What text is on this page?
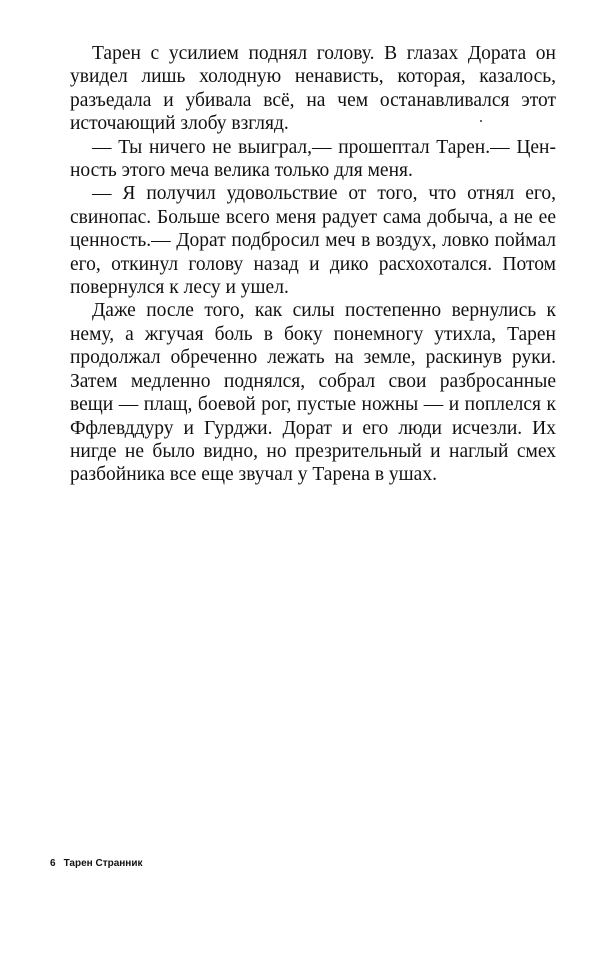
Тарен с усилием поднял голову. В глазах Дората он увидел лишь холодную ненависть, которая, казалось, разъедала и убивала всё, на чем останавливался этот источающий злобу взгляд.

— Ты ничего не выиграл,— прошептал Тарен.— Ценность этого меча велика только для меня.

— Я получил удовольствие от того, что отнял его, свинопас. Больше всего меня радует сама добыча, а не ее ценность.— Дорат подбросил меч в воздух, ловко поймал его, откинул голову назад и дико расхохотался. Потом повернулся к лесу и ушел.

Даже после того, как силы постепенно вернулись к нему, а жгучая боль в боку понемногу утихла, Тарен продолжал обреченно лежать на земле, раскинув руки. Затем медленно поднялся, собрал свои разбросанные вещи — плащ, боевой рог, пустые ножны — и поплелся к Ффлевддуру и Гурджи. Дорат и его люди исчезли. Их нигде не было видно, но презрительный и наглый смех разбойника все еще звучал у Тарена в ушах.

6 Тарен Странник
